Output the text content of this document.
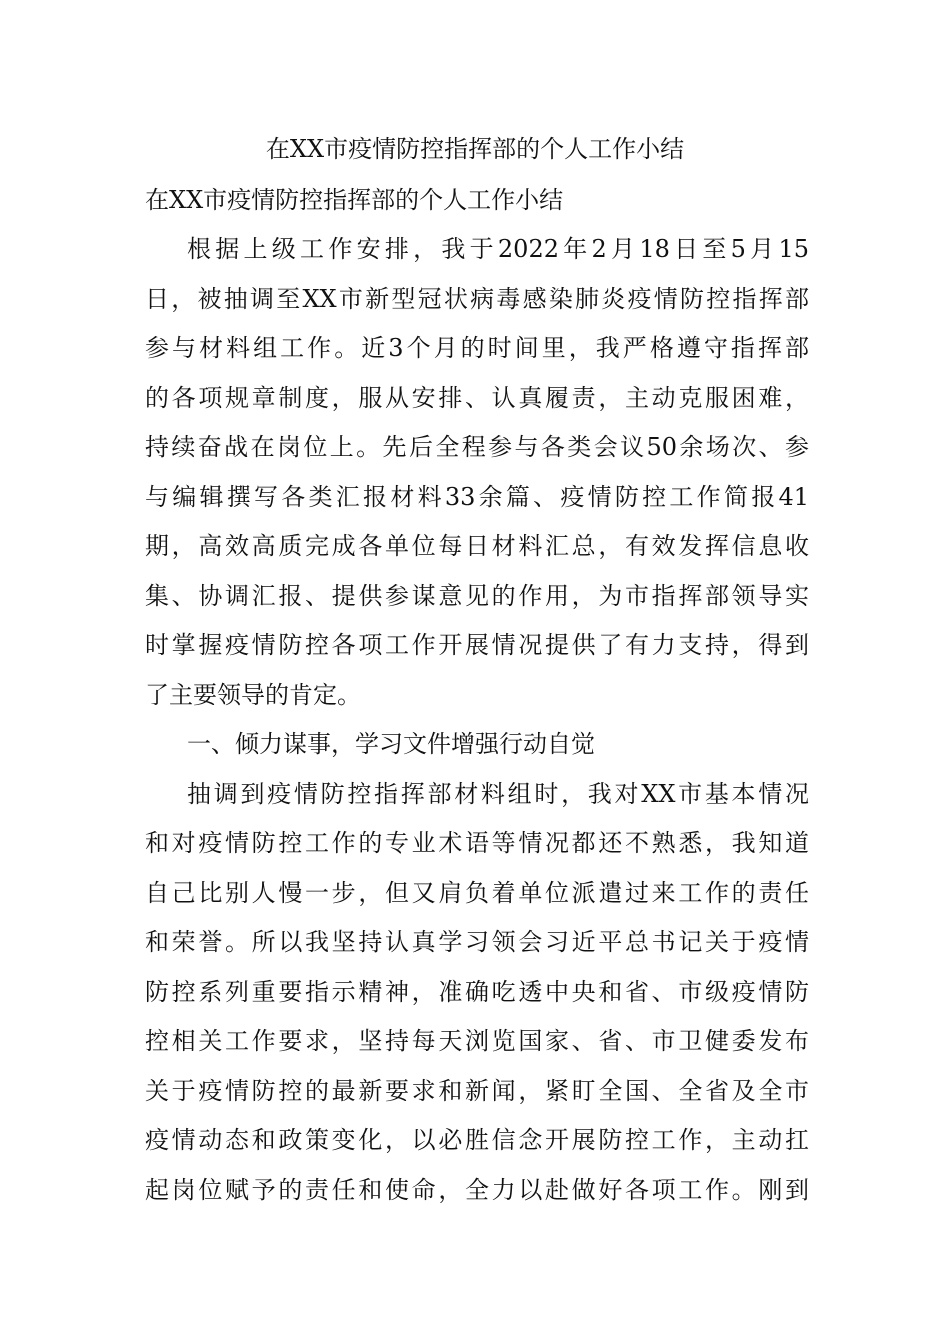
在XX市疫情防控指挥部的个人工作小结
在XX市疫情防控指挥部的个人工作小结
根据上级工作安排，我于2022年2月18日至5月15
日，被抽调至XX市新型冠状病毒感染肺炎疫情防控指挥部
参与材料组工作。近3个月的时间里，我严格遵守指挥部
的各项规章制度，服从安排、认真履责，主动克服困难，
持续奋战在岗位上。先后全程参与各类会议50余场次、参
与编辑撰写各类汇报材料33余篇、疫情防控工作简报41
期，高效高质完成各单位每日材料汇总，有效发挥信息收
集、协调汇报、提供参谋意见的作用，为市指挥部领导实
时掌握疫情防控各项工作开展情况提供了有力支持，得到
了主要领导的肯定。
一、倾力谋事，学习文件增强行动自觉
抽调到疫情防控指挥部材料组时，我对XX市基本情况
和对疫情防控工作的专业术语等情况都还不熟悉，我知道
自己比别人慢一步，但又肩负着单位派遣过来工作的责任
和荣誉。所以我坚持认真学习领会习近平总书记关于疫情
防控系列重要指示精神，准确吃透中央和省、市级疫情防
控相关工作要求，坚持每天浏览国家、省、市卫健委发布
关于疫情防控的最新要求和新闻，紧盯全国、全省及全市
疫情动态和政策变化，以必胜信念开展防控工作，主动扛
起岗位赋予的责任和使命，全力以赴做好各项工作。刚到
